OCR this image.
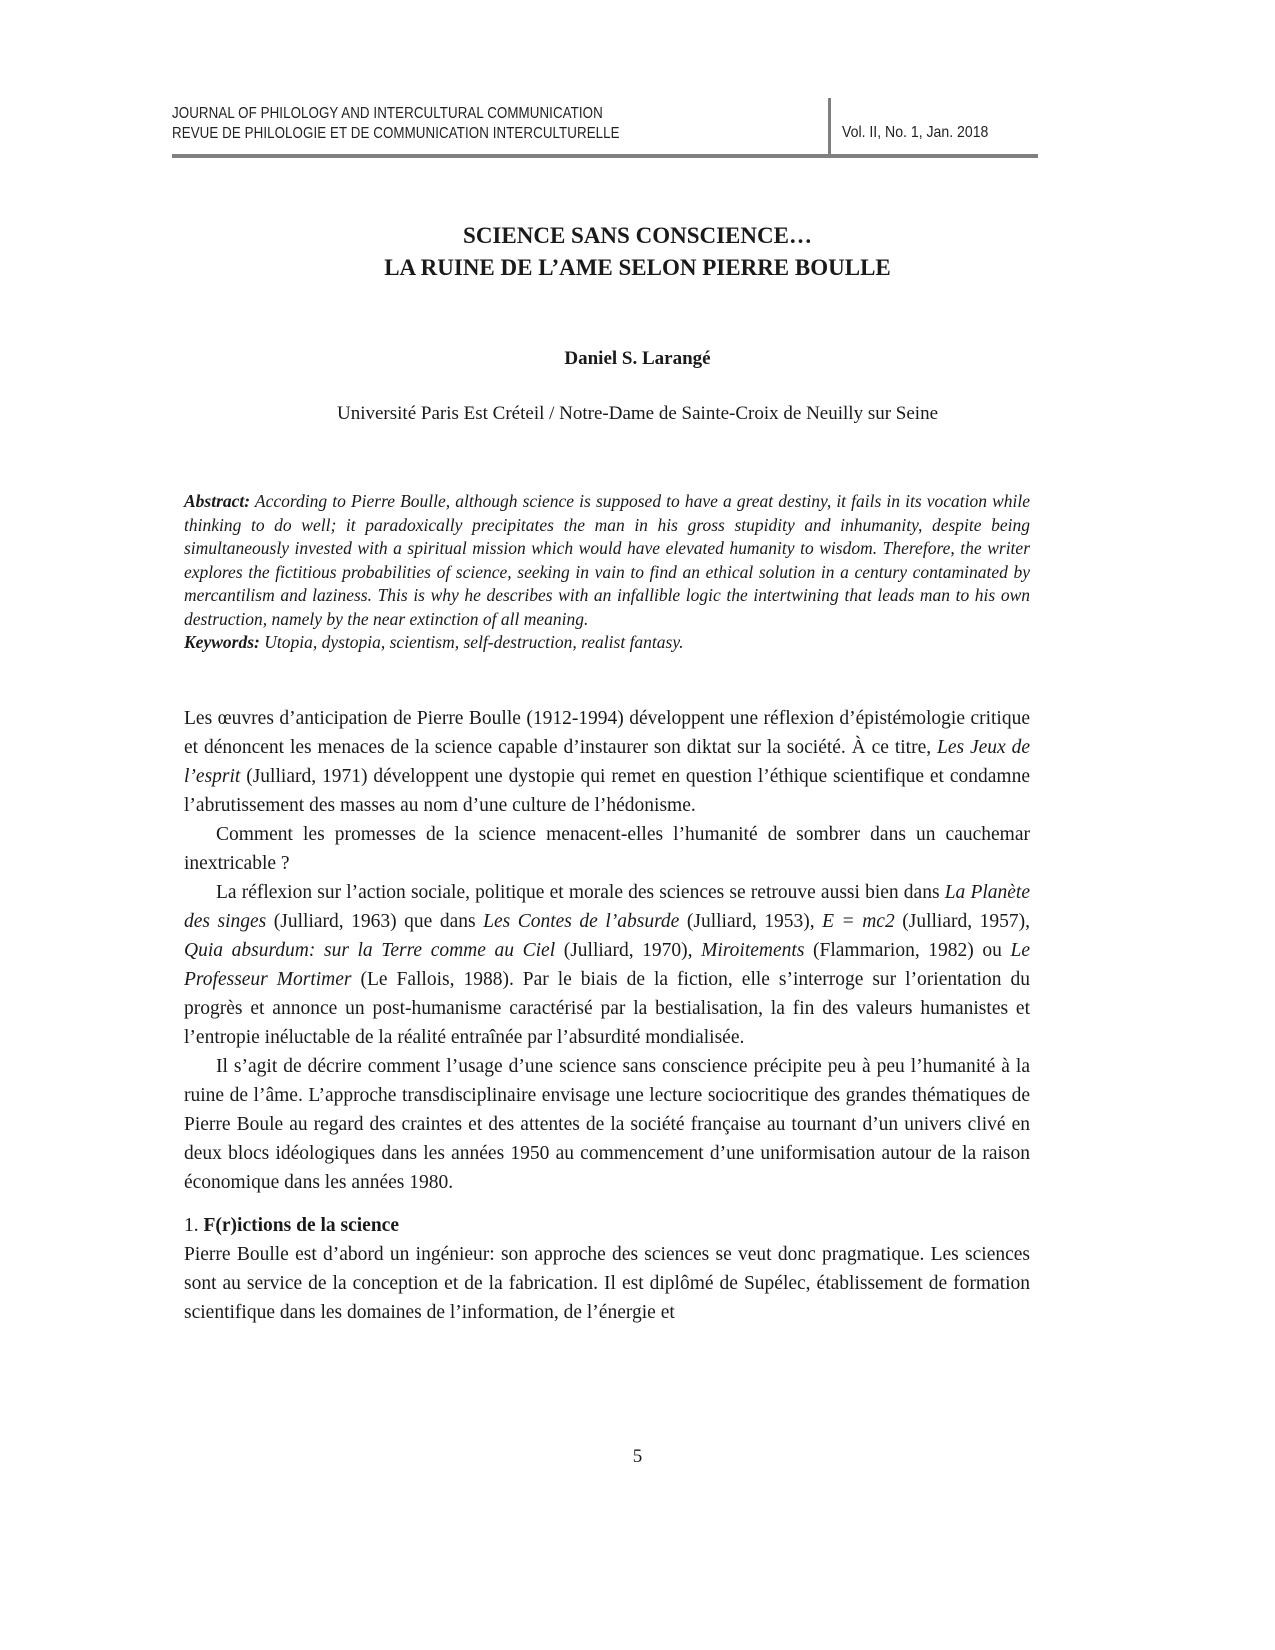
JOURNAL OF PHILOLOGY AND INTERCULTURAL COMMUNICATION
REVUE DE PHILOLOGIE ET DE COMMUNICATION INTERCULTURELLE	Vol. II, No. 1, Jan. 2018
SCIENCE SANS CONSCIENCE…
LA RUINE DE L’AME SELON PIERRE BOULLE
Daniel S. Larangé
Université Paris Est Créteil / Notre-Dame de Sainte-Croix de Neuilly sur Seine
Abstract: According to Pierre Boulle, although science is supposed to have a great destiny, it fails in its vocation while thinking to do well; it paradoxically precipitates the man in his gross stupidity and inhumanity, despite being simultaneously invested with a spiritual mission which would have elevated humanity to wisdom. Therefore, the writer explores the fictitious probabilities of science, seeking in vain to find an ethical solution in a century contaminated by mercantilism and laziness. This is why he describes with an infallible logic the intertwining that leads man to his own destruction, namely by the near extinction of all meaning.
Keywords: Utopia, dystopia, scientism, self-destruction, realist fantasy.

Les œuvres d’anticipation de Pierre Boulle (1912-1994) développent une réflexion d’épistémologie critique et dénoncent les menaces de la science capable d’instaurer son diktat sur la société. À ce titre, Les Jeux de l’esprit (Julliard, 1971) développent une dystopie qui remet en question l’éthique scientifique et condamne l’abrutissement des masses au nom d’une culture de l’hédonisme.

Comment les promesses de la science menacent-elles l’humanité de sombrer dans un cauchemar inextricable ?

La réflexion sur l’action sociale, politique et morale des sciences se retrouve aussi bien dans La Planète des singes (Julliard, 1963) que dans Les Contes de l’absurde (Julliard, 1953), E = mc2 (Julliard, 1957), Quia absurdum: sur la Terre comme au Ciel (Julliard, 1970), Miroitements (Flammarion, 1982) ou Le Professeur Mortimer (Le Fallois, 1988). Par le biais de la fiction, elle s’interroge sur l’orientation du progrès et annonce un post-humanisme caractérisé par la bestialisation, la fin des valeurs humanistes et l’entropie inéluctable de la réalité entraînée par l’absurdité mondialisée.

Il s’agit de décrire comment l’usage d’une science sans conscience précipite peu à peu l’humanité à la ruine de l’âme. L’approche transdisciplinaire envisage une lecture sociocritique des grandes thématiques de Pierre Boule au regard des craintes et des attentes de la société française au tournant d’un univers clivé en deux blocs idéologiques dans les années 1950 au commencement d’une uniformisation autour de la raison économique dans les années 1980.

1. F(r)ictions de la science

Pierre Boulle est d’abord un ingénieur: son approche des sciences se veut donc pragmatique. Les sciences sont au service de la conception et de la fabrication. Il est diplômé de Supélec, établissement de formation scientifique dans les domaines de l’information, de l’énergie et

5
